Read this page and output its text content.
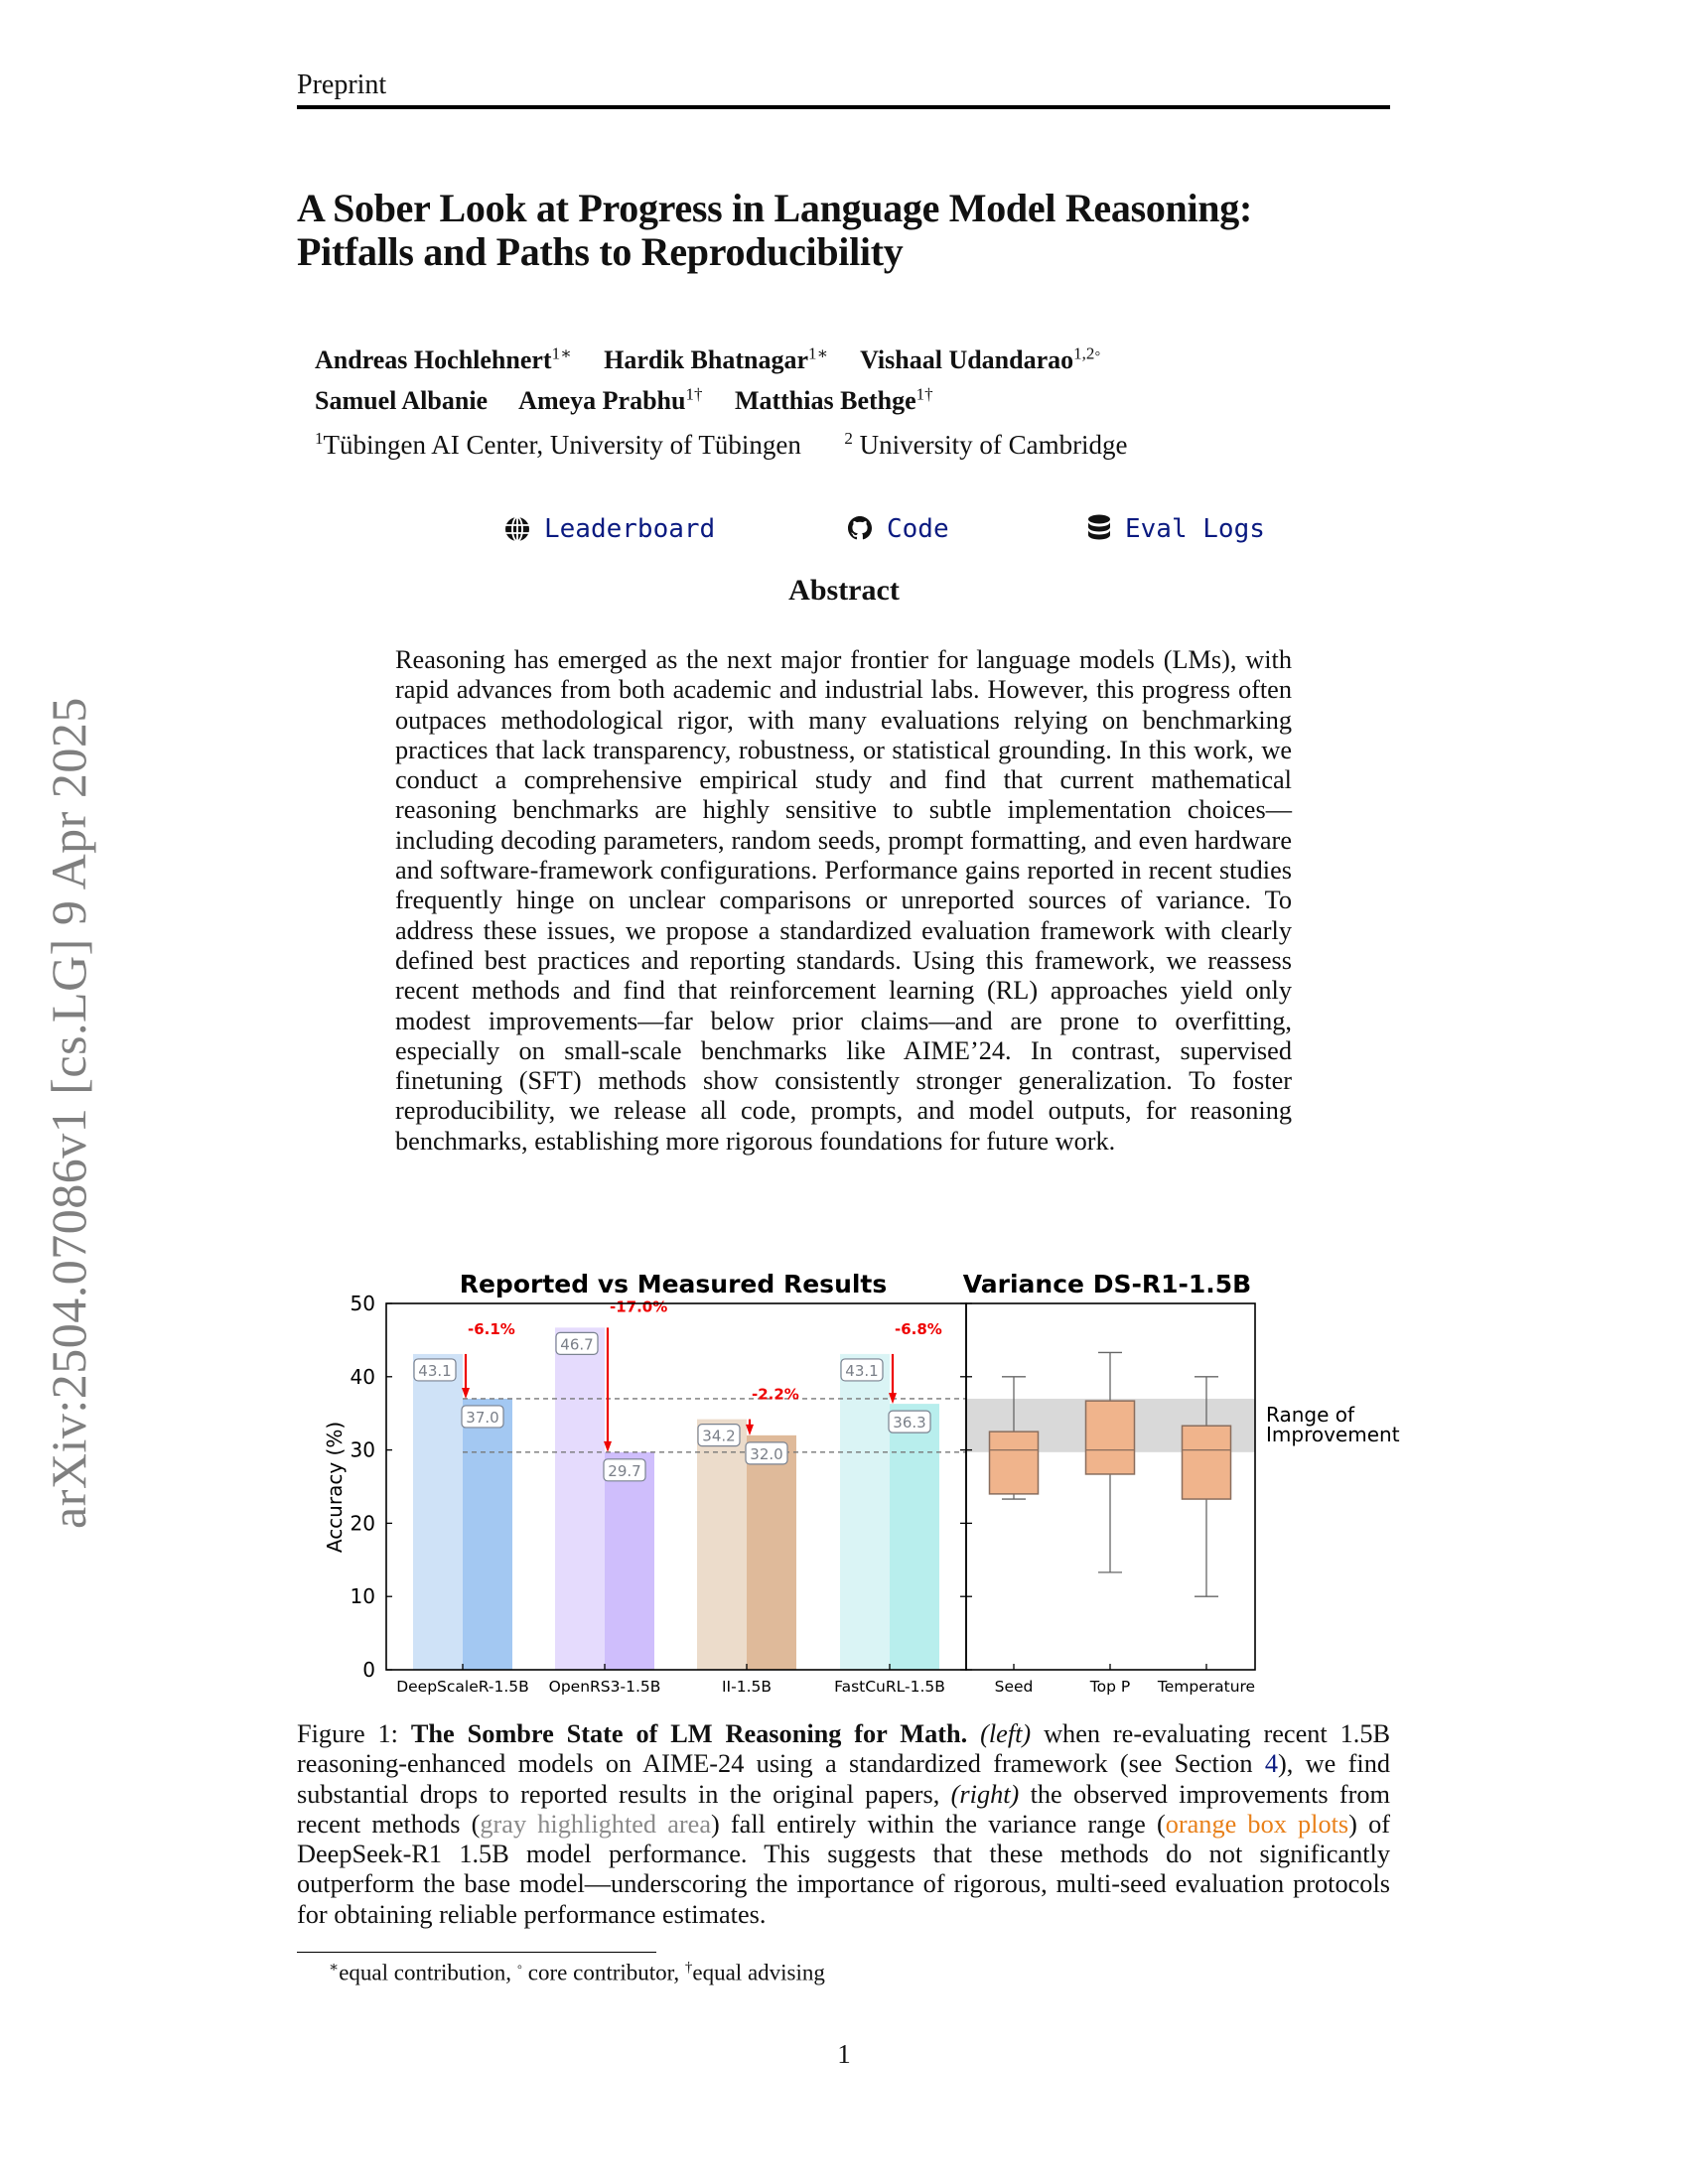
arXiv:2504.07086v1 [cs.LG] 9 Apr 2025
Preprint
A Sober Look at Progress in Language Model Reasoning:
Pitfalls and Paths to Reproducibility
Andreas Hochlehnert$^{1∗}$ Hardik Bhatnagar$^{1∗}$ Vishaal Udandarao$^{1,2◦}$
Samuel Albanie Ameya Prabhu$^{1\dagger}$ Matthias Bethge$^{1\dagger}$
$^1$Tübingen AI Center, University of Tübingen	$^2$ University of Cambridge
Leaderboard	Code	Eval Logs
Abstract
Reasoning has emerged as the next major frontier for language models (LMs), with rapid advances from both academic and industrial labs. However, this progress often outpaces methodological rigor, with many evaluations relying on benchmarking practices that lack transparency, robustness, or statistical grounding. In this work, we conduct a comprehensive empirical study and find that current mathematical reasoning benchmarks are highly sensitive to subtle implementation choices—including decoding parameters, random seeds, prompt formatting, and even hardware and software-framework configurations. Performance gains reported in recent studies frequently hinge on unclear comparisons or unreported sources of variance. To address these issues, we propose a standardized evaluation framework with clearly defined best practices and reporting standards. Using this framework, we reassess recent methods and find that reinforcement learning (RL) approaches yield only modest improvements—far below prior claims—and are prone to overfitting, especially on small-scale benchmarks like AIME’24. In contrast, supervised finetuning (SFT) methods show consistently stronger generalization. To foster reproducibility, we release all code, prompts, and model outputs, for reasoning benchmarks, establishing more rigorous foundations for future work.
Reported vs Measured Results	Variance DS-R1-1.5B
43.1
37.0
-6.1%
46.7
29.7
-17.0%
34.2
32.0
-2.2%
43.1
36.3
-6.8%
0
10
20
30
40
50
DeepScaleR-1.5B OpenRS3-1.5B	II-1.5B	FastCuRL-1.5B	Seed	Top P Temperature
Accuracy (%)
Range of
Improvement
Figure 1: The Sombre State of LM Reasoning for Math. (left) when re-evaluating recent 1.5B reasoning-enhanced models on AIME-24 using a standardized framework (see Section 4), we find substantial drops to reported results in the original papers, (right) the observed improvements from recent methods (gray highlighted area) fall entirely within the variance range (orange box plots) of DeepSeek-R1 1.5B model performance. This suggests that these methods do not significantly outperform the base model—underscoring the importance of rigorous, multi-seed evaluation protocols for obtaining reliable performance estimates.
∗equal contribution, ◦ core contributor, †equal advising
1
